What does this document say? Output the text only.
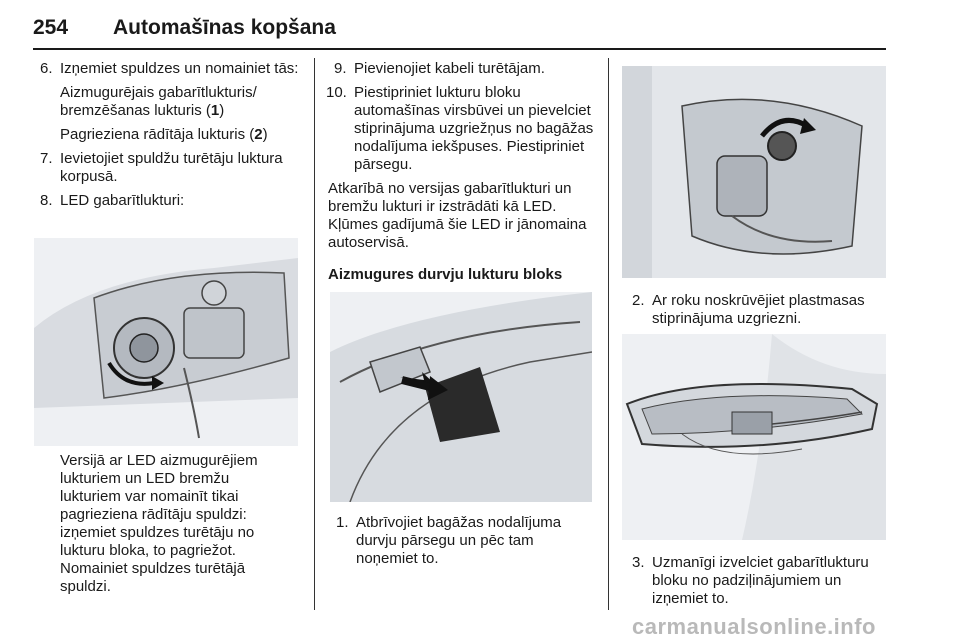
254 Automašīnas kopšana
6. Izņemiet spuldzes un nomainiet tās:
Aizmugurējais gabarītlukturis/ bremzēšanas lukturis (1)
Pagrieziena rādītāja lukturis (2)
7. Ievietojiet spuldžu turētāju luktura korpusā.
8. LED gabarītlukturi:
Versijā ar LED aizmugurējiem lukturiem un LED bremžu lukturiem var nomainīt tikai pagrieziena rādītāju spuldzi: izņemiet spuldzes turētāju no lukturu bloka, to pagriežot. Nomainiet spuldzes turētājā spuldzi.
9. Pievienojiet kabeli turētājam.
10. Piestipriniet lukturu bloku automašīnas virsbūvei un pievelciet stiprinājuma uzgriežņus no bagāžas nodalījuma iekšpuses. Piestipriniet pārsegu.
Atkarībā no versijas gabarītlukturi un bremžu lukturi ir izstrādāti kā LED. Kļūmes gadījumā šie LED ir jānomaina autoservisā.
Aizmugures durvju lukturu bloks
1. Atbrīvojiet bagāžas nodalījuma durvju pārsegu un pēc tam noņemiet to.
2. Ar roku noskrūvējiet plastmasas stiprinājuma uzgriezni.
3. Uzmanīgi izvelciet gabarītlukturu bloku no padziļinājumiem un izņemiet to.
carmanualsonline.info
